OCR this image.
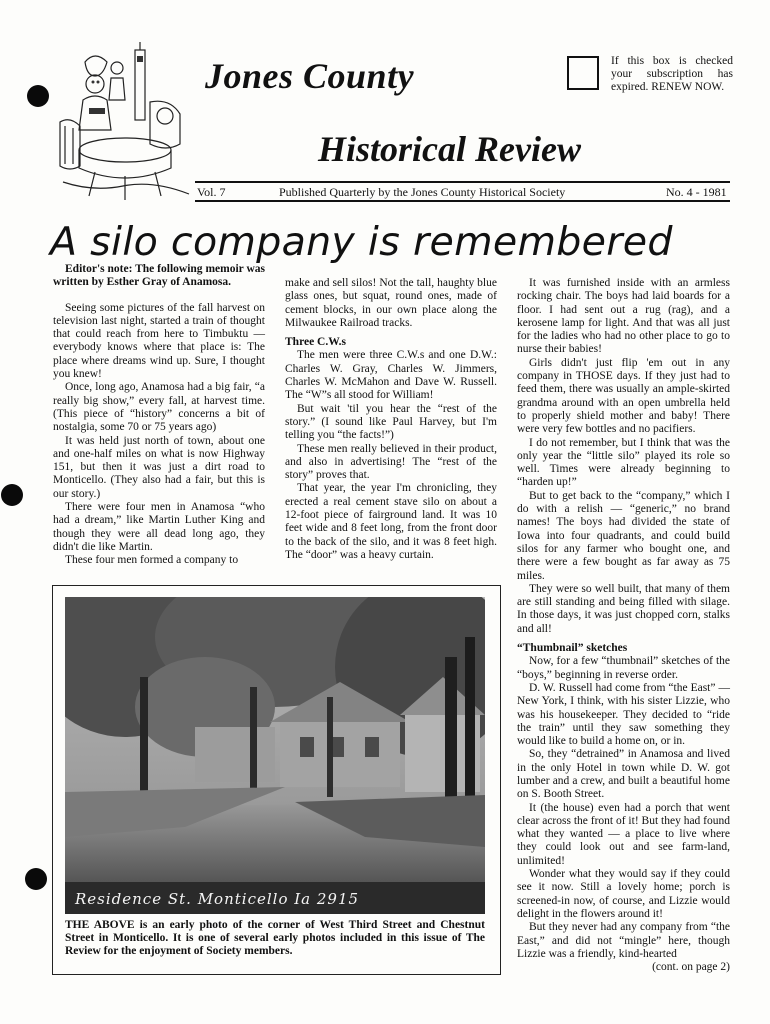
Jones County
Historical Review
If this box is checked your subscription has expired. RENEW NOW.
Vol. 7	Published Quarterly by the Jones County Historical Society	No. 4 - 1981
A silo company is remembered

Editor's note: The following memoir was written by Esther Gray of Anamosa.

Seeing some pictures of the fall harvest on television last night, started a train of thought that could reach from here to Timbuktu — everybody knows where that place is: The place where dreams wind up. Sure, I thought you knew!

Once, long ago, Anamosa had a big fair, “a really big show,” every fall, at harvest time. (This piece of “history” concerns a bit of nostalgia, some 70 or 75 years ago)

It was held just north of town, about one and one-half miles on what is now Highway 151, but then it was just a dirt road to Monticello. (They also had a fair, but this is our story.)

There were four men in Anamosa “who had a dream,” like Martin Luther King and though they were all dead long ago, they didn't die like Martin.

These four men formed a company to

make and sell silos! Not the tall, haughty blue glass ones, but squat, round ones, made of cement blocks, in our own place along the Milwaukee Railroad tracks.

Three C.W.s

The men were three C.W.s and one D.W.: Charles W. Gray, Charles W. Jimmers, Charles W. McMahon and Dave W. Russell. The “W”s all stood for William!

But wait 'til you hear the “rest of the story.” (I sound like Paul Harvey, but I'm telling you “the facts!”)

These men really believed in their product, and also in advertising! The “rest of the story” proves that.

That year, the year I'm chronicling, they erected a real cement stave silo on about a 12-foot piece of fairground land. It was 10 feet wide and 8 feet long, from the front door to the back of the silo, and it was 8 feet high. The “door” was a heavy curtain.

It was furnished inside with an armless rocking chair. The boys had laid boards for a floor. I had sent out a rug (rag), and a kerosene lamp for light. And that was all just for the ladies who had no other place to go to nurse their babies!

Girls didn't just flip 'em out in any company in THOSE days. If they just had to feed them, there was usually an ample-skirted grandma around with an open umbrella held to properly shield mother and baby! There were very few bottles and no pacifiers.

I do not remember, but I think that was the only year the “little silo” played its role so well. Times were already beginning to “harden up!”

But to get back to the “company,” which I do with a relish — “generic,” no brand names! The boys had divided the state of Iowa into four quadrants, and could build silos for any farmer who bought one, and there were a few bought as far away as 75 miles.

They were so well built, that many of them are still standing and being filled with silage. In those days, it was just chopped corn, stalks and all!

“Thumbnail” sketches

Now, for a few “thumbnail” sketches of the “boys,” beginning in reverse order.

D. W. Russell had come from “the East” — New York, I think, with his sister Lizzie, who was his housekeeper. They decided to “ride the train” until they saw something they would like to build a home on, or in.

So, they “detrained” in Anamosa and lived in the only Hotel in town while D. W. got lumber and a crew, and built a beautiful home on S. Booth Street.

It (the house) even had a porch that went clear across the front of it! But they had found what they wanted — a place to live where they could look out and see farm-land, unlimited!

Wonder what they would say if they could see it now. Still a lovely home; porch is screened-in now, of course, and Lizzie would delight in the flowers around it!

But they never had any company from “the East,” and did not “mingle” here, though Lizzie was a friendly, kind-hearted

(cont. on page 2)

Residence St. Monticello Ia 2915
THE ABOVE is an early photo of the corner of West Third Street and Chestnut Street in Monticello. It is one of several early photos included in this issue of The Review for the enjoyment of Society members.
